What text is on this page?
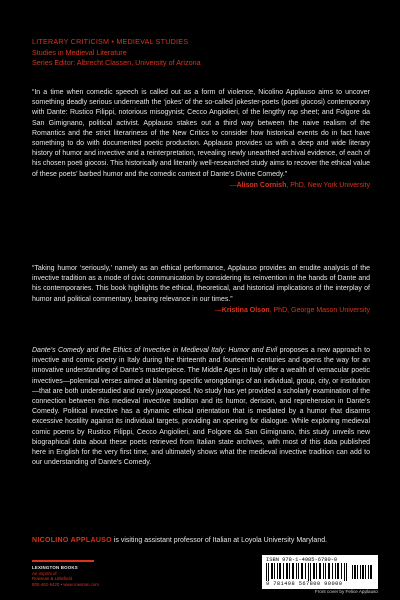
LITERARY CRITICISM • MEDIEVAL STUDIES
Studies in Medieval Literature
Series Editor: Albrecht Classen, University of Arizona
“In a time when comedic speech is called out as a form of violence, Nicolino Applauso aims to uncover something deadly serious underneath the ‘jokes’ of the so-called jokester-poets (poeti giocosi) contemporary with Dante: Rustico Filippi, notorious misogynist; Cecco Angiolieri, of the lengthy rap sheet; and Folgore da San Gimignano, political activist. Applauso stakes out a third way between the naive realism of the Romantics and the strict literariness of the New Critics to consider how historical events do in fact have something to do with documented poetic production. Applauso provides us with a deep and wide literary history of humor and invective and a reinterpretation, revealing newly unearthed archival evidence, of each of his chosen poeti giocosi. This historically and literarily well-researched study aims to recover the ethical value of these poets’ barbed humor and the comedic context of Dante’s Divine Comedy.”
—Alison Cornish, PhD, New York University
“Taking humor ‘seriously,’ namely as an ethical performance, Applauso provides an erudite analysis of the invective tradition as a mode of civic communication by considering its reinvention in the hands of Dante and his contemporaries. This book highlights the ethical, theoretical, and historical implications of the interplay of humor and political commentary, bearing relevance in our times.”
—Kristina Olson, PhD, George Mason University
Dante’s Comedy and the Ethics of Invective in Medieval Italy: Humor and Evil proposes a new approach to invective and comic poetry in Italy during the thirteenth and fourteenth centuries and opens the way for an innovative understanding of Dante’s masterpiece. The Middle Ages in Italy offer a wealth of vernacular poetic invectives—polemical verses aimed at blaming specific wrongdoings of an individual, group, city, or institution—that are both understudied and rarely juxtaposed. No study has yet provided a scholarly examination of the connection between this medieval invective tradition and its humor, derision, and reprehension in Dante’s Comedy. Political invective has a dynamic ethical orientation that is mediated by a humor that disarms excessive hostility against its individual targets, providing an opening for dialogue. While exploring medieval comic poems by Rustico Filippi, Cecco Angiolieri, and Folgore da San Gimignano, this study unveils new biographical data about these poets retrieved from Italian state archives, with most of this data published here in English for the very first time, and ultimately shows what the medieval invective tradition can add to our understanding of Dante’s Comedy.
NICOLINO APPLAUSO is visiting assistant professor of Italian at Loyola University Maryland.
LEXINGTON BOOKS
An imprint of
Rowman & Littlefield
800-462-6420 • www.rowman.com
ISBN 978-1-4985-6780-0
9 781498 567800 90000
Front cover by Felice Applauso
